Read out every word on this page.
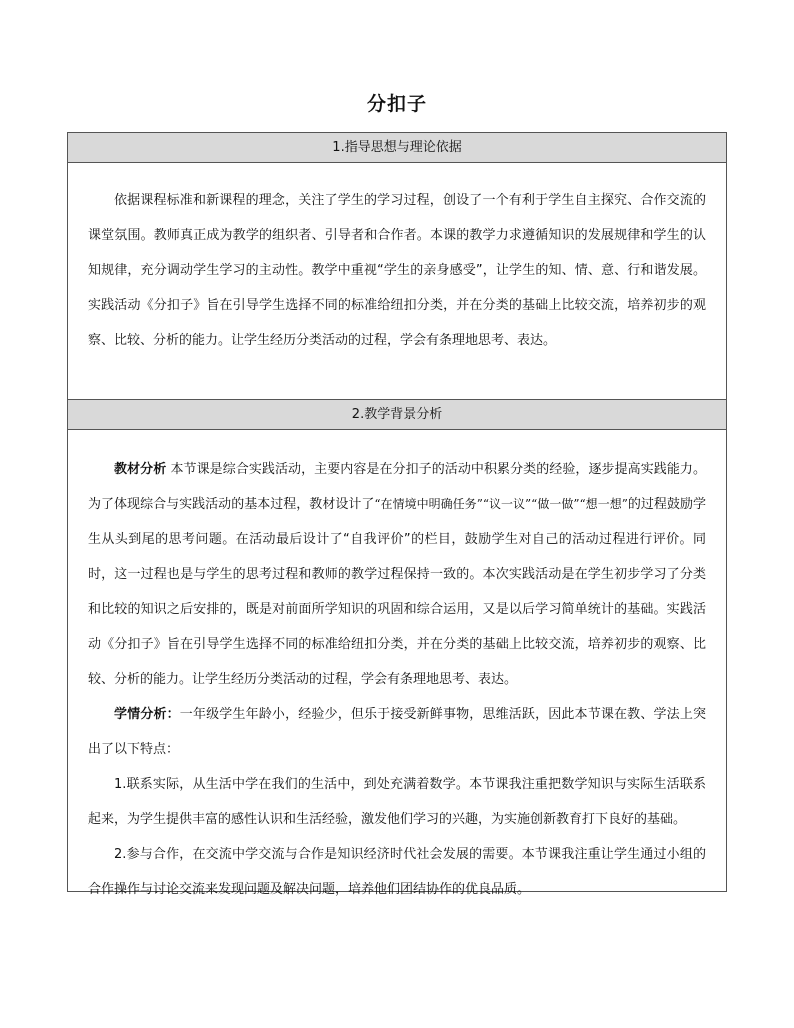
分扣子
1.指导思想与理论依据

依据课程标准和新课程的理念，关注了学生的学习过程，创设了一个有利于学生自主探究、合作交流的课堂氛围。教师真正成为教学的组织者、引导者和合作者。本课的教学力求遵循知识的发展规律和学生的认知规律，充分调动学生学习的主动性。教学中重视“学生的亲身感受”，让学生的知、情、意、行和谐发展。实践活动《分扣子》旨在引导学生选择不同的标准给纽扣分类，并在分类的基础上比较交流，培养初步的观察、比较、分析的能力。让学生经历分类活动的过程，学会有条理地思考、表达。

2.教学背景分析

教材分析 本节课是综合实践活动，主要内容是在分扣子的活动中积累分类的经验，逐步提高实践能力。为了体现综合与实践活动的基本过程，教材设计了“在情境中明确任务”“议一议”“做一做”“想一想”的过程鼓励学生从头到尾的思考问题。在活动最后设计了“自我评价”的栏目，鼓励学生对自己的活动过程进行评价。同时，这一过程也是与学生的思考过程和教师的教学过程保持一致的。本次实践活动是在学生初步学习了分类和比较的知识之后安排的，既是对前面所学知识的巩固和综合运用，又是以后学习简单统计的基础。实践活动《分扣子》旨在引导学生选择不同的标准给纽扣分类，并在分类的基础上比较交流，培养初步的观察、比较、分析的能力。让学生经历分类活动的过程，学会有条理地思考、表达。

学情分析：一年级学生年龄小，经验少，但乐于接受新鲜事物，思维活跃，因此本节课在教、学法上突出了以下特点：

1.联系实际，从生活中学在我们的生活中，到处充满着数学。本节课我注重把数学知识与实际生活联系起来，为学生提供丰富的感性认识和生活经验，激发他们学习的兴趣，为实施创新教育打下良好的基础。

2.参与合作，在交流中学交流与合作是知识经济时代社会发展的需要。本节课我注重让学生通过小组的合作操作与讨论交流来发现问题及解决问题，培养他们团结协作的优良品质。
